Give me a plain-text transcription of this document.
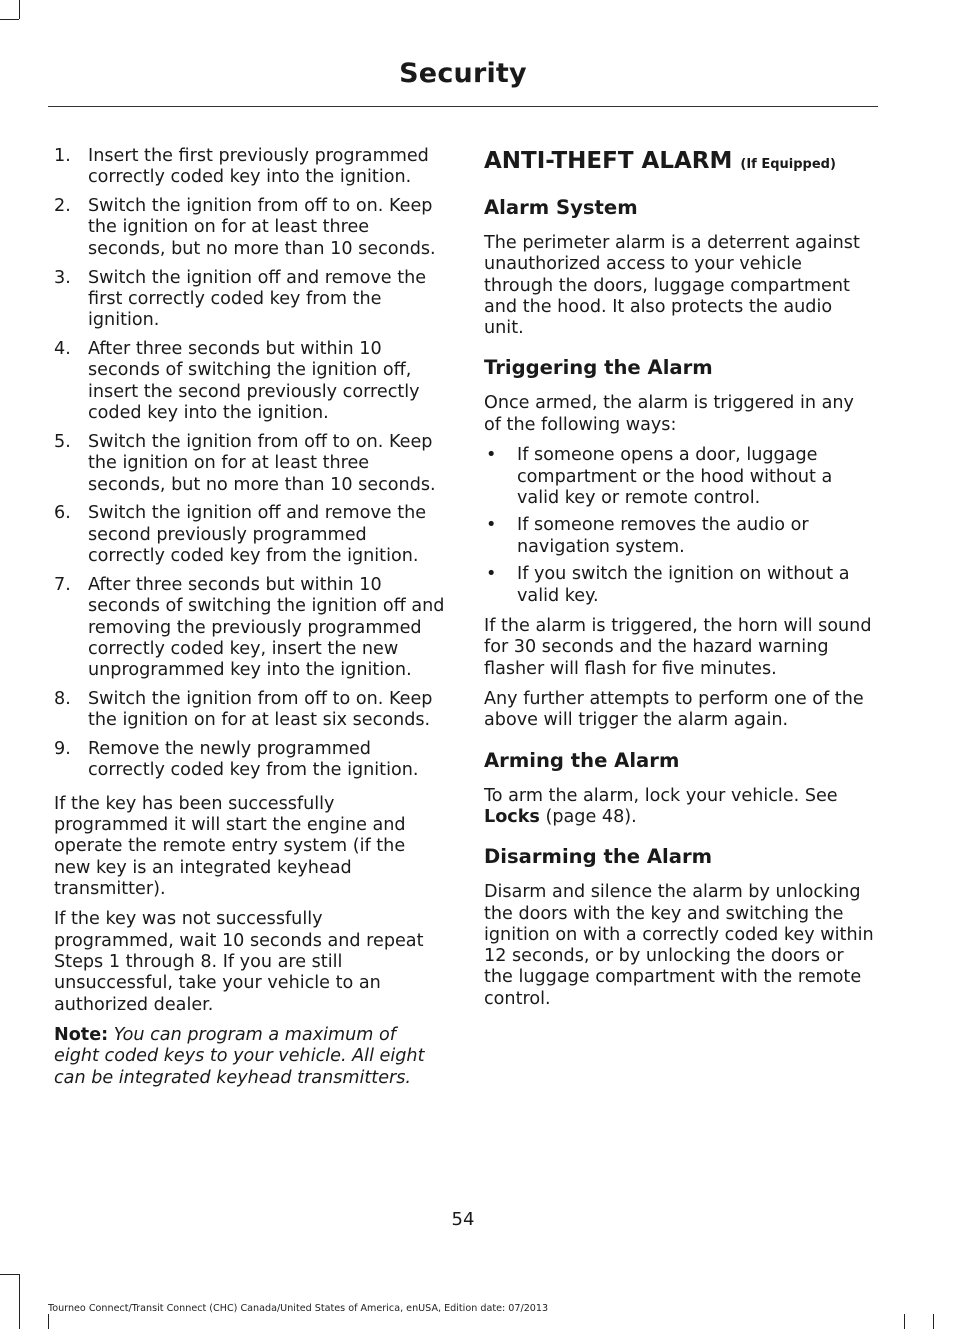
Security
1. Insert the first previously programmed correctly coded key into the ignition.
2. Switch the ignition from off to on. Keep the ignition on for at least three seconds, but no more than 10 seconds.
3. Switch the ignition off and remove the first correctly coded key from the ignition.
4. After three seconds but within 10 seconds of switching the ignition off, insert the second previously correctly coded key into the ignition.
5. Switch the ignition from off to on. Keep the ignition on for at least three seconds, but no more than 10 seconds.
6. Switch the ignition off and remove the second previously programmed correctly coded key from the ignition.
7. After three seconds but within 10 seconds of switching the ignition off and removing the previously programmed correctly coded key, insert the new unprogrammed key into the ignition.
8. Switch the ignition from off to on. Keep the ignition on for at least six seconds.
9. Remove the newly programmed correctly coded key from the ignition.

If the key has been successfully programmed it will start the engine and operate the remote entry system (if the new key is an integrated keyhead transmitter).

If the key was not successfully programmed, wait 10 seconds and repeat Steps 1 through 8. If you are still unsuccessful, take your vehicle to an authorized dealer.

Note: You can program a maximum of eight coded keys to your vehicle. All eight can be integrated keyhead transmitters.

ANTI-THEFT ALARM (If Equipped)
Alarm System

The perimeter alarm is a deterrent against unauthorized access to your vehicle through the doors, luggage compartment and the hood. It also protects the audio unit.

Triggering the Alarm

Once armed, the alarm is triggered in any of the following ways:

• If someone opens a door, luggage compartment or the hood without a valid key or remote control.
• If someone removes the audio or navigation system.
• If you switch the ignition on without a valid key.

If the alarm is triggered, the horn will sound for 30 seconds and the hazard warning flasher will flash for five minutes.

Any further attempts to perform one of the above will trigger the alarm again.

Arming the Alarm

To arm the alarm, lock your vehicle. See Locks (page 48).

Disarming the Alarm

Disarm and silence the alarm by unlocking the doors with the key and switching the ignition on with a correctly coded key within 12 seconds, or by unlocking the doors or the luggage compartment with the remote control.

54
Tourneo Connect/Transit Connect (CHC) Canada/United States of America, enUSA, Edition date: 07/2013
